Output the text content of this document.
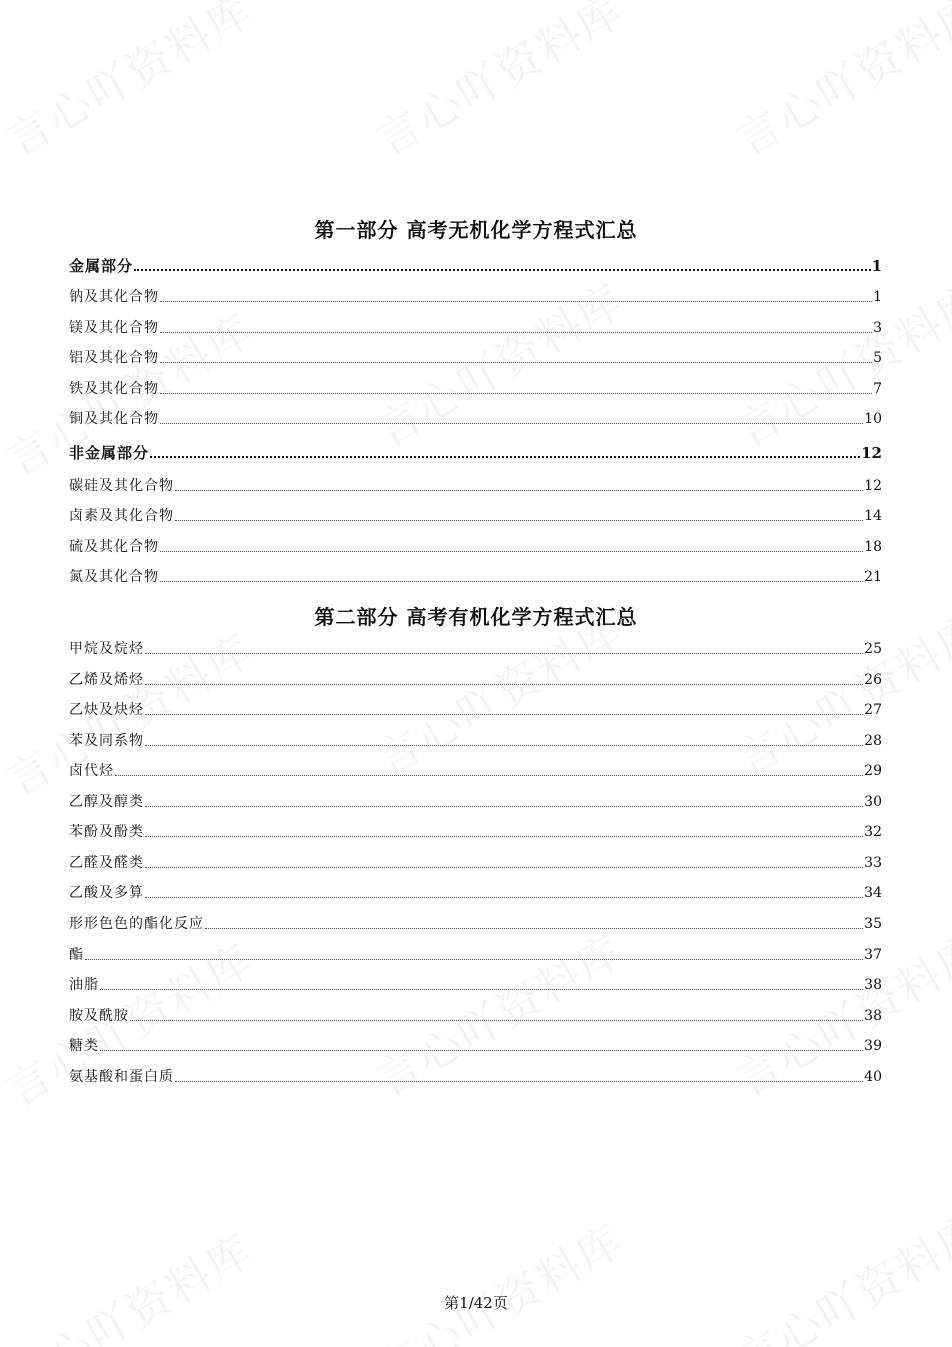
第一部分 高考无机化学方程式汇总
金属部分	1
钠及其化合物	1
镁及其化合物	3
铝及其化合物	5
铁及其化合物	7
铜及其化合物	10
非金属部分	12
碳硅及其化合物	12
卤素及其化合物	14
硫及其化合物	18
氮及其化合物	21
第二部分 高考有机化学方程式汇总
甲烷及烷烃	25
乙烯及烯烃	26
乙炔及炔烃	27
苯及同系物	28
卤代烃	29
乙醇及醇类	30
苯酚及酚类	32
乙醛及醛类	33
乙酸及多算	34
形形色色的酯化反应	35
酯	37
油脂	38
胺及酰胺	38
糖类	39
氨基酸和蛋白质	40
第1/42页
